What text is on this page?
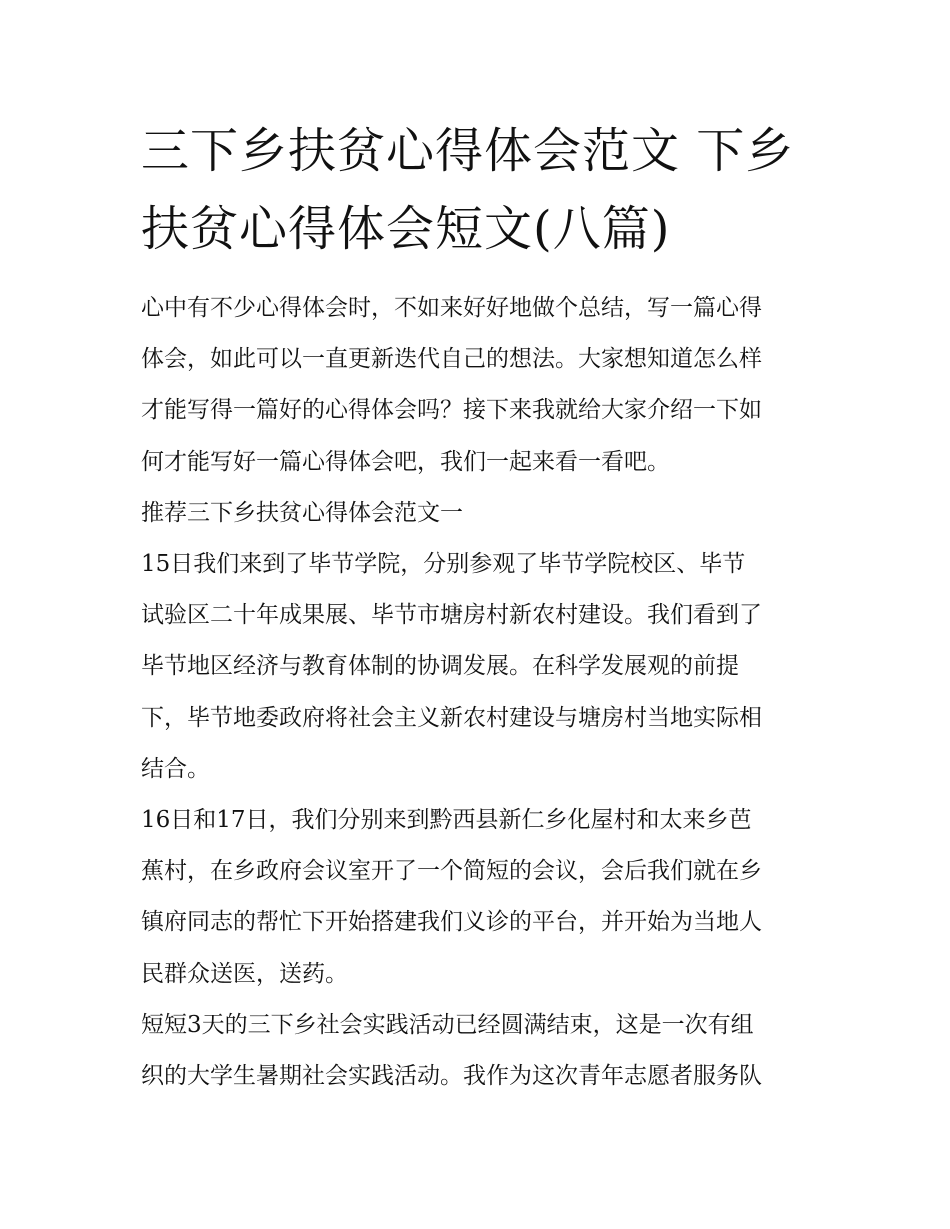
三下乡扶贫心得体会范文 下乡
扶贫心得体会短文(八篇)

心中有不少心得体会时，不如来好好地做个总结，写一篇心得
体会，如此可以一直更新迭代自己的想法。大家想知道怎么样
才能写得一篇好的心得体会吗？接下来我就给大家介绍一下如
何才能写好一篇心得体会吧，我们一起来看一看吧。

推荐三下乡扶贫心得体会范文一

15日我们来到了毕节学院，分别参观了毕节学院校区、毕节
试验区二十年成果展、毕节市塘房村新农村建设。我们看到了
毕节地区经济与教育体制的协调发展。在科学发展观的前提
下，毕节地委政府将社会主义新农村建设与塘房村当地实际相
结合。

16日和17日，我们分别来到黔西县新仁乡化屋村和太来乡芭
蕉村，在乡政府会议室开了一个简短的会议，会后我们就在乡
镇府同志的帮忙下开始搭建我们义诊的平台，并开始为当地人
民群众送医，送药。

短短3天的三下乡社会实践活动已经圆满结束，这是一次有组
织的大学生暑期社会实践活动。我作为这次青年志愿者服务队
